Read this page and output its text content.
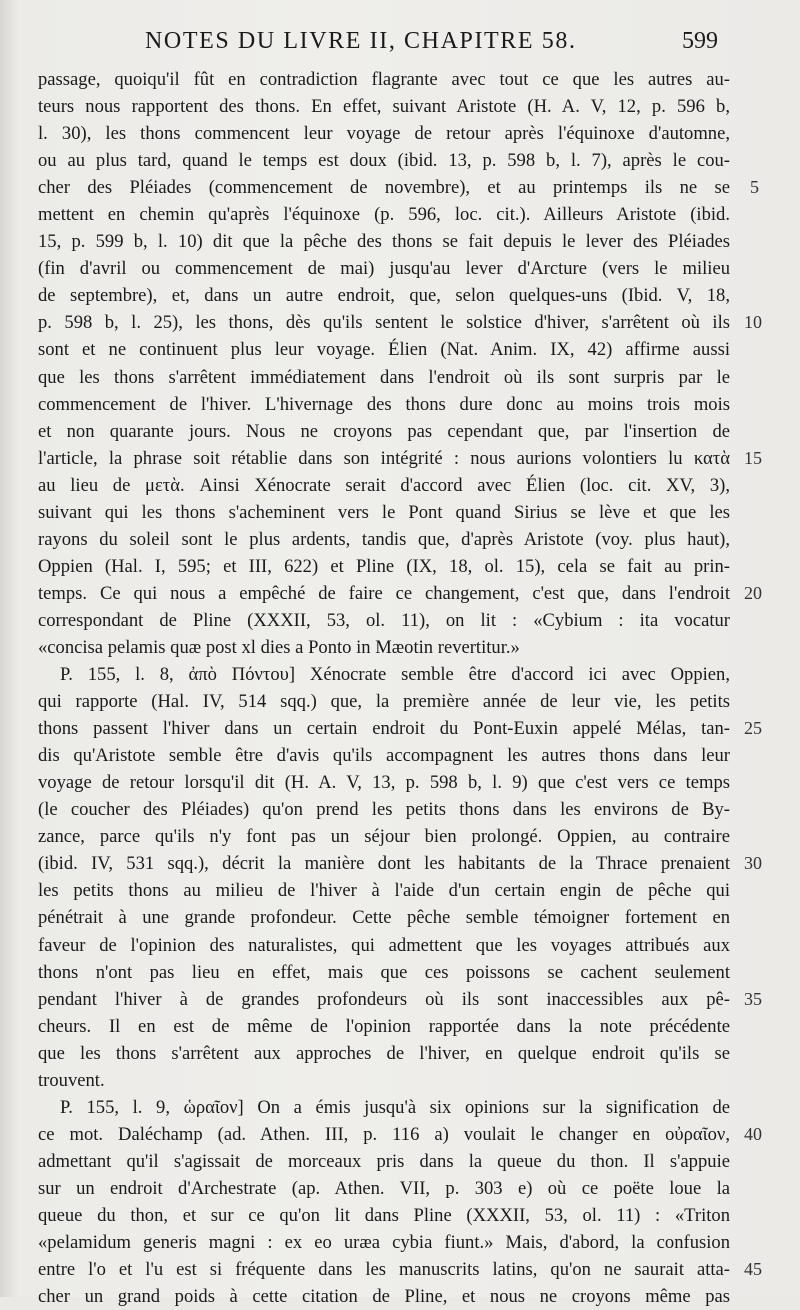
NOTES DU LIVRE II, CHAPITRE 58.	599
passage, quoiqu'il fût en contradiction flagrante avec tout ce que les autres au-
teurs nous rapportent des thons. En effet, suivant Aristote (H. A. V, 12, p. 596 b,
l. 30), les thons commencent leur voyage de retour après l'équinoxe d'automne,
ou au plus tard, quand le temps est doux (ibid. 13, p. 598 b, l. 7), après le cou-
cher des Pléiades (commencement de novembre), et au printemps ils ne se
mettent en chemin qu'après l'équinoxe (p. 596, loc. cit.). Ailleurs Aristote (ibid.
15, p. 599 b, l. 10) dit que la pêche des thons se fait depuis le lever des Pléiades
(fin d'avril ou commencement de mai) jusqu'au lever d'Arcture (vers le milieu
de septembre), et, dans un autre endroit, que, selon quelques-uns (Ibid. V, 18,
p. 598 b, l. 25), les thons, dès qu'ils sentent le solstice d'hiver, s'arrêtent où ils
sont et ne continuent plus leur voyage. Élien (Nat. Anim. IX, 42) affirme aussi
que les thons s'arrêtent immédiatement dans l'endroit où ils sont surpris par le
commencement de l'hiver. L'hivernage des thons dure donc au moins trois mois
et non quarante jours. Nous ne croyons pas cependant que, par l'insertion de
l'article, la phrase soit rétablie dans son intégrité : nous aurions volontiers lu κατὰ
au lieu de μετὰ. Ainsi Xénocrate serait d'accord avec Élien (loc. cit. XV, 3),
suivant qui les thons s'acheminent vers le Pont quand Sirius se lève et que les
rayons du soleil sont le plus ardents, tandis que, d'après Aristote (voy. plus haut),
Oppien (Hal. I, 595; et III, 622) et Pline (IX, 18, ol. 15), cela se fait au prin-
temps. Ce qui nous a empêché de faire ce changement, c'est que, dans l'endroit
correspondant de Pline (XXXII, 53, ol. 11), on lit : «Cybium : ita vocatur
«concisa pelamis quæ post xl dies a Ponto in Mæotin revertitur.»
P. 155, l. 8, ἀπὸ Πόντου] Xénocrate semble être d'accord ici avec Oppien,
qui rapporte (Hal. IV, 514 sqq.) que, la première année de leur vie, les petits
thons passent l'hiver dans un certain endroit du Pont-Euxin appelé Mélas, tan-
dis qu'Aristote semble être d'avis qu'ils accompagnent les autres thons dans leur
voyage de retour lorsqu'il dit (H. A. V, 13, p. 598 b, l. 9) que c'est vers ce temps
(le coucher des Pléiades) qu'on prend les petits thons dans les environs de By-
zance, parce qu'ils n'y font pas un séjour bien prolongé. Oppien, au contraire
(ibid. IV, 531 sqq.), décrit la manière dont les habitants de la Thrace prenaient
les petits thons au milieu de l'hiver à l'aide d'un certain engin de pêche qui
pénétrait à une grande profondeur. Cette pêche semble témoigner fortement en
faveur de l'opinion des naturalistes, qui admettent que les voyages attribués aux
thons n'ont pas lieu en effet, mais que ces poissons se cachent seulement
pendant l'hiver à de grandes profondeurs où ils sont inaccessibles aux pê-
cheurs. Il en est de même de l'opinion rapportée dans la note précédente
que les thons s'arrêtent aux approches de l'hiver, en quelque endroit qu'ils se
trouvent.
P. 155, l. 9, ὡραῖον] On a émis jusqu'à six opinions sur la signification de
ce mot. Daléchamp (ad. Athen. III, p. 116 a) voulait le changer en οὐραῖον,
admettant qu'il s'agissait de morceaux pris dans la queue du thon. Il s'appuie
sur un endroit d'Archestrate (ap. Athen. VII, p. 303 e) où ce poëte loue la
queue du thon, et sur ce qu'on lit dans Pline (XXXII, 53, ol. 11) : «Triton
«pelamidum generis magni : ex eo uræa cybia fiunt.» Mais, d'abord, la confusion
entre l'o et l'u est si fréquente dans les manuscrits latins, qu'on ne saurait atta-
cher un grand poids à cette citation de Pline, et nous ne croyons même pas
5
10
15
20
25
30
35
40
45
